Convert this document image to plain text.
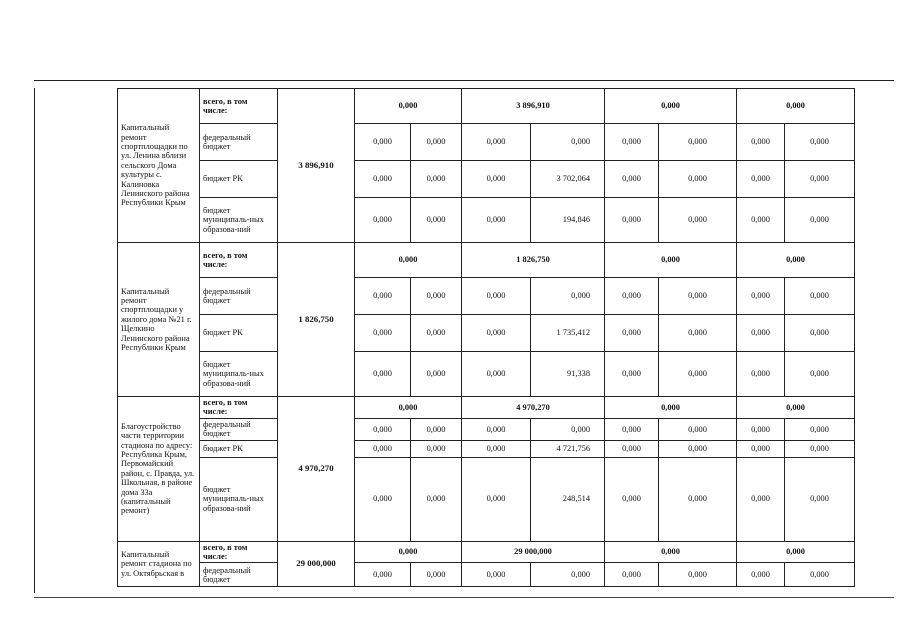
Капитальный ремонт спортплощадки по ул. Ленина вблизи сельского Дома культуры с. Калиновка Ленинского района Республики Крым	всего, в том числе:	3 896,910	0,000		3 896,910		0,000		0,000	
	федеральный бюджет		0,000	0,000	0,000	0,000	0,000	0,000	0,000	0,000
	бюджет РК		0,000	0,000	0,000	3 702,064	0,000	0,000	0,000	0,000
	бюджет муниципаль-ных образова-ний		0,000	0,000	0,000	194,846	0,000	0,000	0,000	0,000
Капитальный ремонт спортплощадки у жилого дома №21 г. Щелкино Ленинского района Республики Крым	всего, в том числе:	1 826,750	0,000		1 826,750		0,000		0,000	
	федеральный бюджет		0,000	0,000	0,000	0,000	0,000	0,000	0,000	0,000
	бюджет РК		0,000	0,000	0,000	1 735,412	0,000	0,000	0,000	0,000
	бюджет муниципаль-ных образова-ний		0,000	0,000	0,000	91,338	0,000	0,000	0,000	0,000
Благоустройство части территории стадиона по адресу: Республика Крым, Первомайский район, с. Правда, ул. Школьная, в районе дома 33а (капитальный ремонт)	всего, в том числе:	4 970,270	0,000		4 970,270		0,000		0,000	
	федеральный бюджет		0,000	0,000	0,000	0,000	0,000	0,000	0,000	0,000
	бюджет РК		0,000	0,000	0,000	4 721,756	0,000	0,000	0,000	0,000
	бюджет муниципаль-ных образова-ний		0,000	0,000	0,000	248,514	0,000	0,000	0,000	0,000
Капитальный ремонт стадиона по ул. Октябрьская в	всего, в том числе:	29 000,000	0,000		29 000,000		0,000		0,000	
	федеральный бюджет		0,000	0,000	0,000	0,000	0,000	0,000	0,000	0,000
